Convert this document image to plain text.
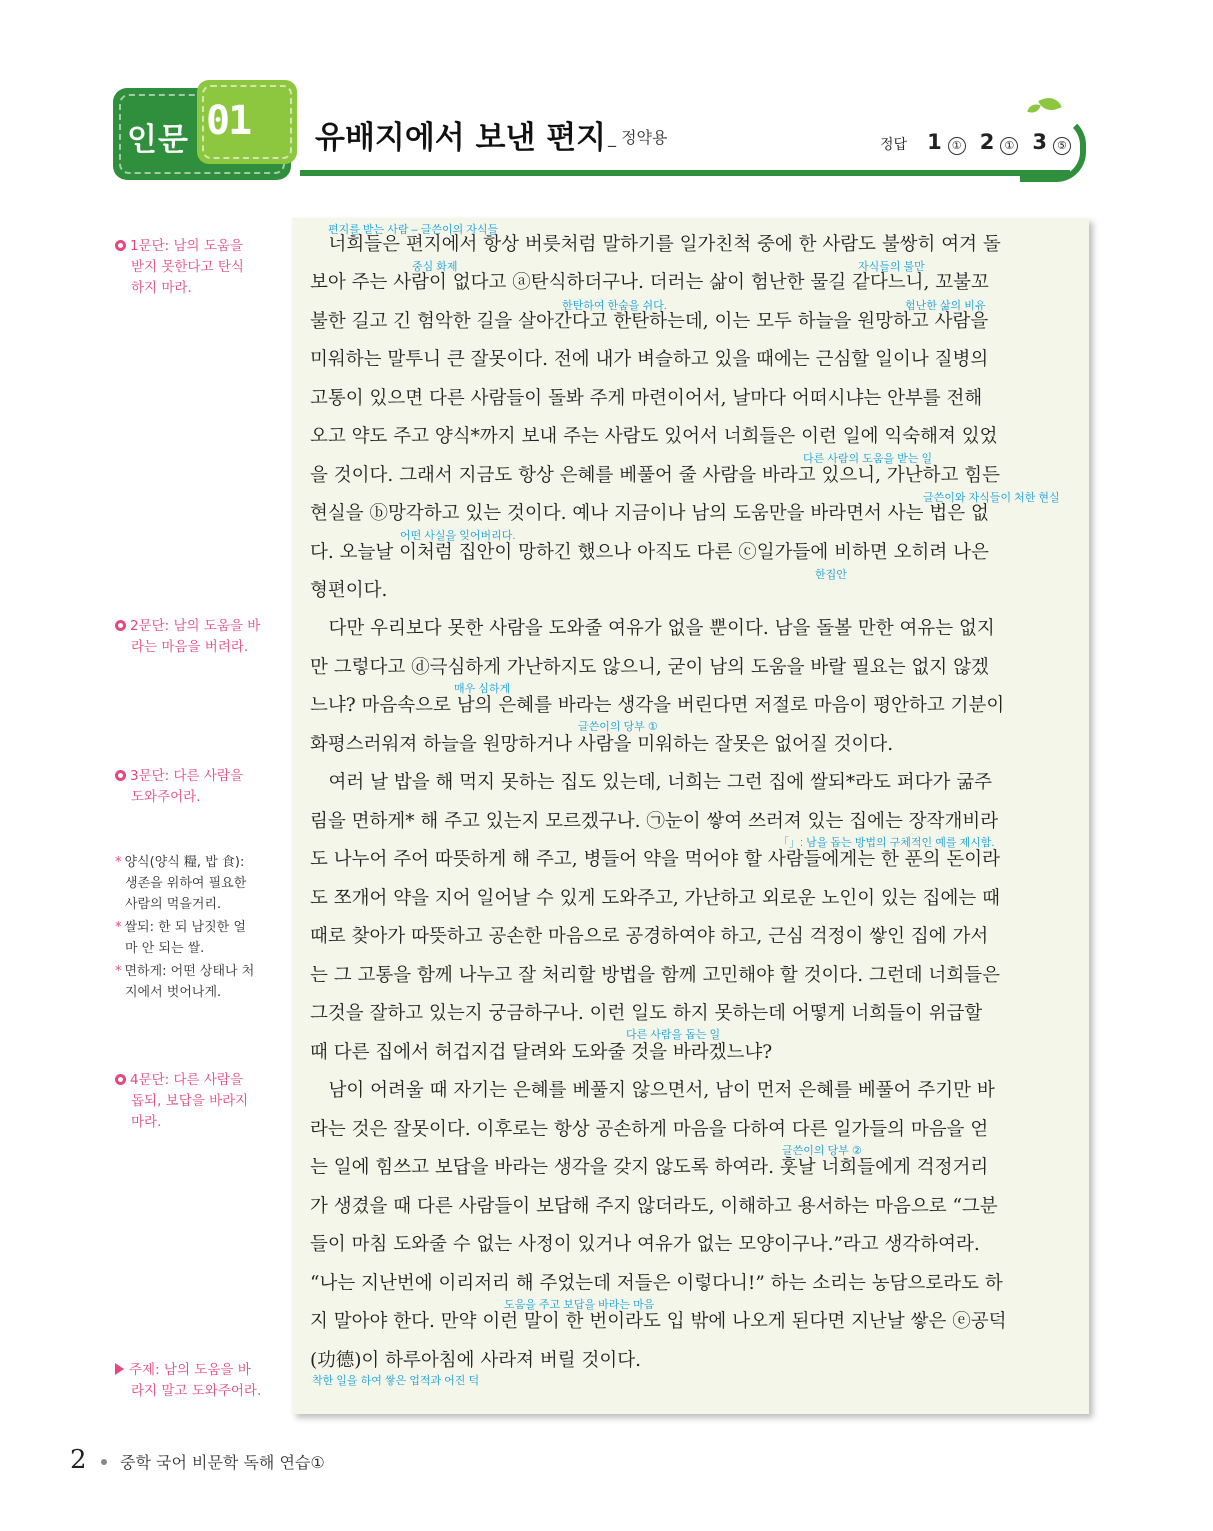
인문 01 유배지에서 보낸 편지 _ 정약용	정답 1 ① 2 ① 3 ⑤
1문단: 남의 도움을
받지 못한다고 탄식
하지 마라.
2문단: 남의 도움을 바
라는 마음을 버려라.
3문단: 다른 사람을
도와주어라.
* 양식(양식 糧, 밥 食):
생존을 위하여 필요한
사람의 먹을거리.
* 쌀되: 한 되 남짓한 얼
마 안 되는 쌀.
* 면하게: 어떤 상태나 처
지에서 벗어나게.
4문단: 다른 사람을
돕되, 보답을 바라지
마라.
주제: 남의 도움을 바
라지 말고 도와주어라.
　너희들은 편지에서 항상 버릇처럼 말하기를 일가친척 중에 한 사람도 불쌍히 여겨 돌
보아 주는 사람이 없다고 ⓐ탄식하더구나. 더러는 삶이 험난한 물길 같다느니, 꼬불꼬
불한 길고 긴 험악한 길을 살아간다고 한탄하는데, 이는 모두 하늘을 원망하고 사람을
미워하는 말투니 큰 잘못이다. 전에 내가 벼슬하고 있을 때에는 근심할 일이나 질병의
고통이 있으면 다른 사람들이 돌봐 주게 마련이어서, 날마다 어떠시냐는 안부를 전해
오고 약도 주고 양식*까지 보내 주는 사람도 있어서 너희들은 이런 일에 익숙해져 있었
을 것이다. 그래서 지금도 항상 은혜를 베풀어 줄 사람을 바라고 있으니, 가난하고 힘든
현실을 ⓑ망각하고 있는 것이다. 예나 지금이나 남의 도움만을 바라면서 사는 법은 없
다. 오늘날 이처럼 집안이 망하긴 했으나 아직도 다른 ⓒ일가들에 비하면 오히려 나은
형편이다.
　다만 우리보다 못한 사람을 도와줄 여유가 없을 뿐이다. 남을 돌볼 만한 여유는 없지
만 그렇다고 ⓓ극심하게 가난하지도 않으니, 굳이 남의 도움을 바랄 필요는 없지 않겠
느냐? 마음속으로 남의 은혜를 바라는 생각을 버린다면 저절로 마음이 평안하고 기분이
화평스러워져 하늘을 원망하거나 사람을 미워하는 잘못은 없어질 것이다.
　여러 날 밥을 해 먹지 못하는 집도 있는데, 너희는 그런 집에 쌀되*라도 퍼다가 굶주
림을 면하게* 해 주고 있는지 모르겠구나. ㉠눈이 쌓여 쓰러져 있는 집에는 장작개비라
도 나누어 주어 따뜻하게 해 주고, 병들어 약을 먹어야 할 사람들에게는 한 푼의 돈이라
도 쪼개어 약을 지어 일어날 수 있게 도와주고, 가난하고 외로운 노인이 있는 집에는 때
때로 찾아가 따뜻하고 공손한 마음으로 공경하여야 하고, 근심 걱정이 쌓인 집에 가서
는 그 고통을 함께 나누고 잘 처리할 방법을 함께 고민해야 할 것이다. 그런데 너희들은
그것을 잘하고 있는지 궁금하구나. 이런 일도 하지 못하는데 어떻게 너희들이 위급할
때 다른 집에서 허겁지겁 달려와 도와줄 것을 바라겠느냐?
　남이 어려울 때 자기는 은혜를 베풀지 않으면서, 남이 먼저 은혜를 베풀어 주기만 바
라는 것은 잘못이다. 이후로는 항상 공손하게 마음을 다하여 다른 일가들의 마음을 얻
는 일에 힘쓰고 보답을 바라는 생각을 갖지 않도록 하여라. 훗날 너희들에게 걱정거리
가 생겼을 때 다른 사람들이 보답해 주지 않더라도, 이해하고 용서하는 마음으로 “그분
들이 마침 도와줄 수 없는 사정이 있거나 여유가 없는 모양이구나.”라고 생각하여라.
“나는 지난번에 이리저리 해 주었는데 저들은 이렇다니!” 하는 소리는 농담으로라도 하
지 말아야 한다. 만약 이런 말이 한 번이라도 입 밖에 나오게 된다면 지난날 쌓은 ⓔ공덕
(功德)이 하루아침에 사라져 버릴 것이다.
편지를 받는 사람 – 글쓴이의 자식들
중심 화제	자식들의 불만
한탄하여 한숨을 쉬다.	험난한 삶의 비유
다른 사람의 도움을 받는 일
글쓴이와 자식들이 처한 현실
어떤 사실을 잊어버리다.
한집안
매우 심하게
글쓴이의 당부 ①
「」: 남을 돕는 방법의 구체적인 예를 제시함.
다른 사람을 돕는 일
글쓴이의 당부 ②
도움을 주고 보답을 바라는 마음
착한 일을 하여 쌓은 업적과 어진 덕
2 중학 국어 비문학 독해 연습①
